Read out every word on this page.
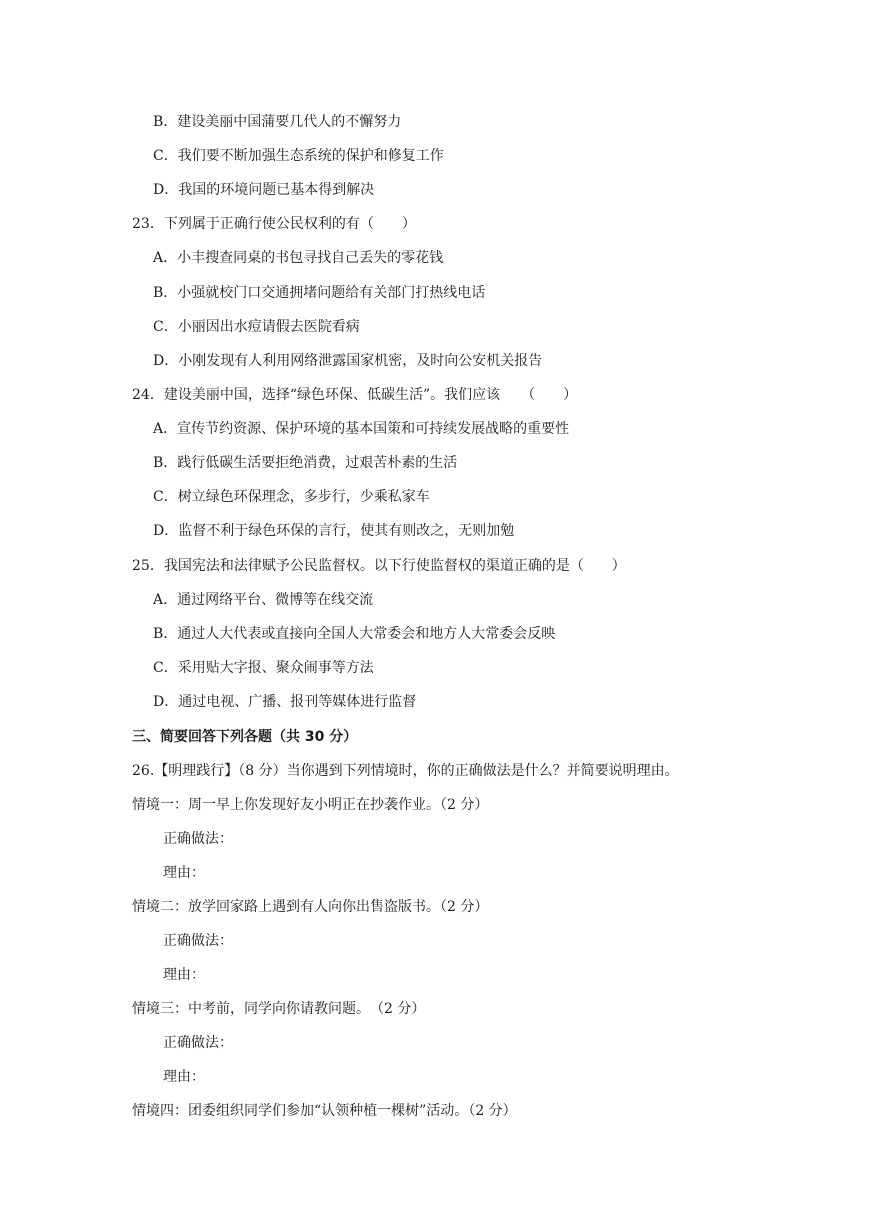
B．建设美丽中国蒲要几代人的不懈努力
C．我们要不断加强生态系统的保护和修复工作
D．我国的环境问题已基本得到解决
23．下列属于正确行使公民权利的有（　　）
A．小丰搜查同桌的书包寻找自己丢失的零花钱
B．小强就校门口交通拥堵问题给有关部门打热线电话
C．小丽因出水痘请假去医院看病
D．小刚发现有人利用网络泄露国家机密，及时向公安机关报告
24．建设美丽中国，选择“绿色环保、低碳生活”。我们应该　　（　　）
A．宣传节约资源、保护环境的基本国策和可持续发展战略的重要性
B．践行低碳生活要拒绝消费，过艰苦朴素的生活
C．树立绿色环保理念，多步行，少乘私家车
D．监督不利于绿色环保的言行，使其有则改之，无则加勉
25．我国宪法和法律赋予公民监督权。以下行使监督权的渠道正确的是（　　）
A．通过网络平台、微博等在线交流
B．通过人大代表或直接向全国人大常委会和地方人大常委会反映
C．采用贴大字报、聚众闹事等方法
D．通过电视、广播、报刊等媒体进行监督
三、简要回答下列各题（共 30 分）
26.【明理践行】（8 分）当你遇到下列情境时，你的正确做法是什么？并简要说明理由。
情境一：周一早上你发现好友小明正在抄袭作业。（2 分）
正确做法：
理由：
情境二：放学回家路上遇到有人向你出售盗版书。（2 分）
正确做法：
理由：
情境三：中考前，同学向你请教问题。　（2 分）
正确做法：
理由：
情境四：团委组织同学们参加“认领种植一棵树”活动。（2 分）
